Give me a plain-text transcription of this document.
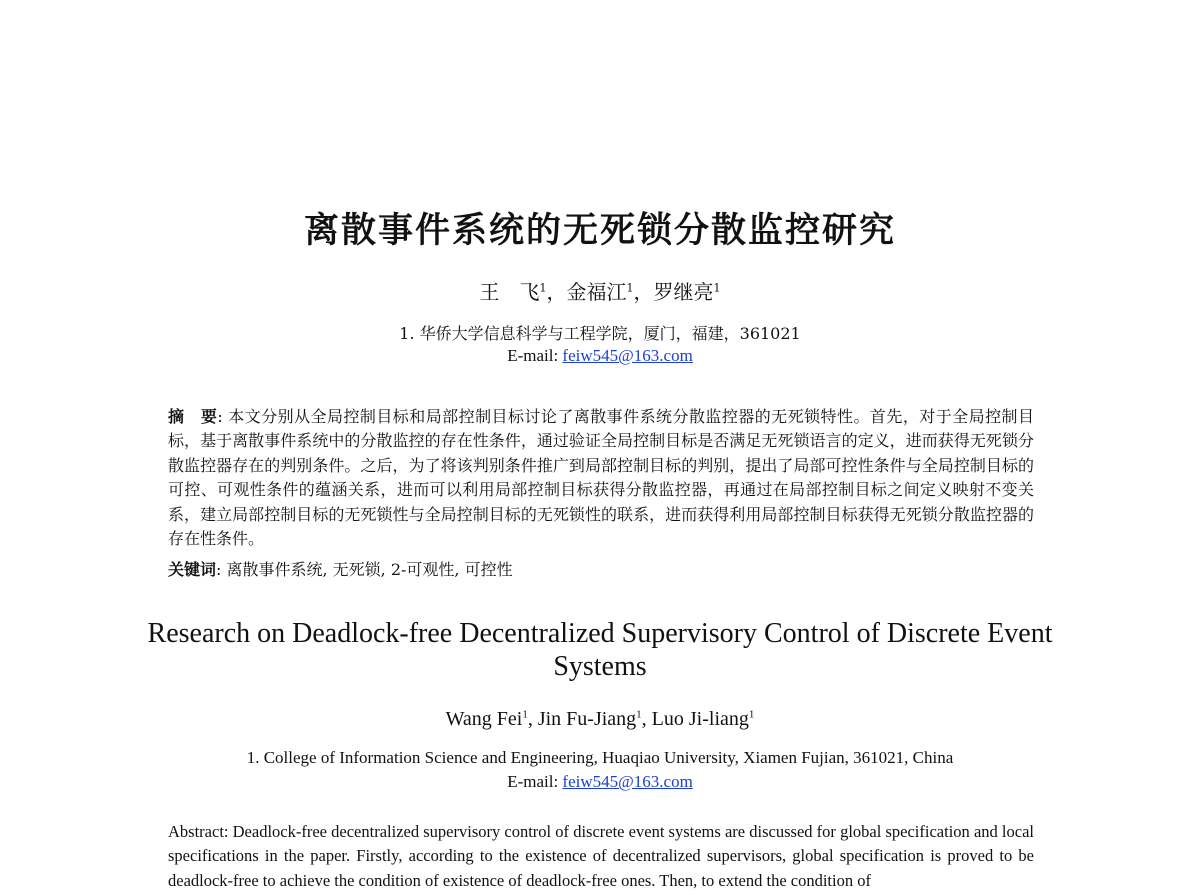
离散事件系统的无死锁分散监控研究
王　飞$^1$，金福江$^1$，罗继亮$^1$
1. 华侨大学信息科学与工程学院，厦门，福建，361021
E-mail: feiw545@163.com
摘　要: 本文分别从全局控制目标和局部控制目标讨论了离散事件系统分散监控器的无死锁特性。首先，对于全局控制目标，基于离散事件系统中的分散监控的存在性条件，通过验证全局控制目标是否满足无死锁语言的定义，进而获得无死锁分散监控器存在的判别条件。之后，为了将该判别条件推广到局部控制目标的判别，提出了局部可控性条件与全局控制目标的可控、可观性条件的蕴涵关系，进而可以利用局部控制目标获得分散监控器，再通过在局部控制目标之间定义映射不变关系，建立局部控制目标的无死锁性与全局控制目标的无死锁性的联系，进而获得利用局部控制目标获得无死锁分散监控器的存在性条件。
关键词: 离散事件系统, 无死锁, 2-可观性, 可控性
Research on Deadlock-free Decentralized Supervisory Control of Discrete Event Systems
Wang Fei$^1$, Jin Fu-Jiang$^1$, Luo Ji-liang$^1$
1. College of Information Science and Engineering, Huaqiao University, Xiamen Fujian, 361021, China
E-mail: feiw545@163.com
Abstract: Deadlock-free decentralized supervisory control of discrete event systems are discussed for global specification and local specifications in the paper. Firstly, according to the existence of decentralized supervisors, global specification is proved to be deadlock-free to achieve the condition of existence of deadlock-free ones. Then, to extend the condition of
